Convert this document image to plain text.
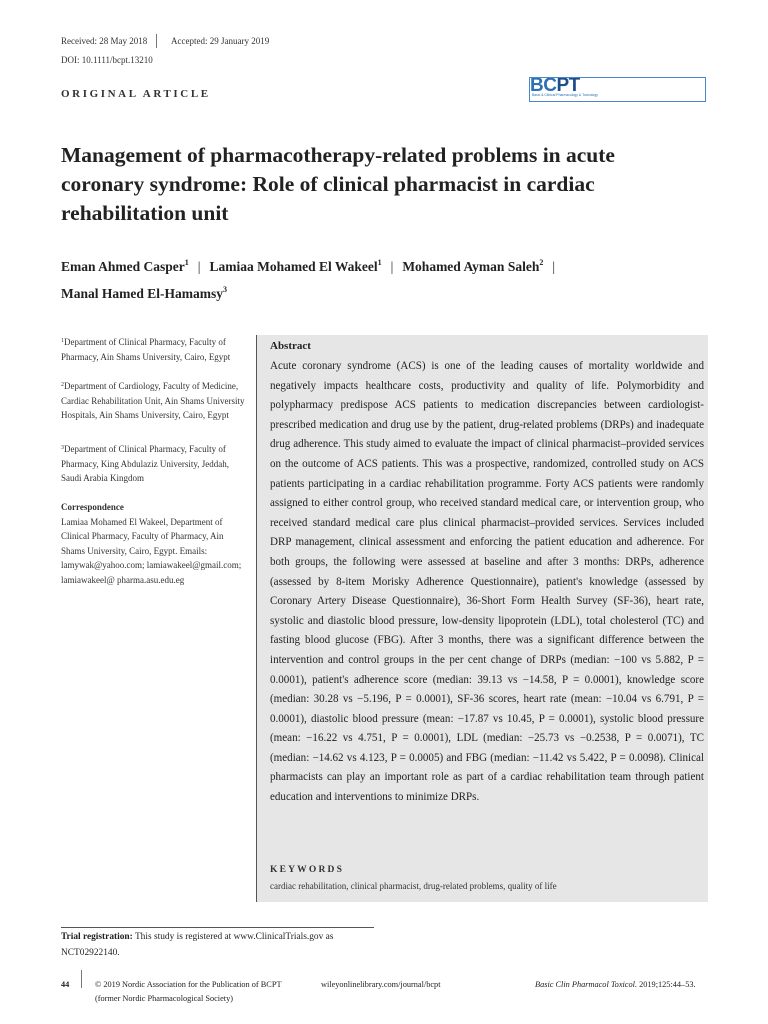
Received: 28 May 2018	Accepted: 29 January 2019
DOI: 10.1111/bcpt.13210
ORIGINAL ARTICLE	BCPT
Basic & Clinical Pharmacology & Toxicology
Management of pharmacotherapy-related problems in acute coronary syndrome: Role of clinical pharmacist in cardiac rehabilitation unit
Eman Ahmed Casper$^1$ | Lamiaa Mohamed El Wakeel$^1$ | Mohamed Ayman Saleh$^2$ |
Manal Hamed El-Hamamsy$^3$
$^1$Department of Clinical Pharmacy, Faculty of Pharmacy, Ain Shams University, Cairo, Egypt
$^2$Department of Cardiology, Faculty of Medicine, Cardiac Rehabilitation Unit, Ain Shams University Hospitals, Ain Shams University, Cairo, Egypt
$^3$Department of Clinical Pharmacy, Faculty of Pharmacy, King Abdulaziz University, Jeddah, Saudi Arabia Kingdom
Correspondence
Lamiaa Mohamed El Wakeel, Department of Clinical Pharmacy, Faculty of Pharmacy, Ain Shams University, Cairo, Egypt. Emails: lamywak@yahoo.com; lamiawakeel@gmail.com; lamiawakeel@ pharma.asu.edu.eg
Abstract
Acute coronary syndrome (ACS) is one of the leading causes of mortality worldwide and negatively impacts healthcare costs, productivity and quality of life. Polymorbidity and polypharmacy predispose ACS patients to medication discrepancies between cardiologist-prescribed medication and drug use by the patient, drug-related problems (DRPs) and inadequate drug adherence. This study aimed to evaluate the impact of clinical pharmacist–provided services on the outcome of ACS patients. This was a prospective, randomized, controlled study on ACS patients participating in a cardiac rehabilitation programme. Forty ACS patients were randomly assigned to either control group, who received standard medical care, or intervention group, who received standard medical care plus clinical pharmacist–provided services. Services included DRP management, clinical assessment and enforcing the patient education and adherence. For both groups, the following were assessed at baseline and after 3 months: DRPs, adherence (assessed by 8-item Morisky Adherence Questionnaire), patient's knowledge (assessed by Coronary Artery Disease Questionnaire), 36-Short Form Health Survey (SF-36), heart rate, systolic and diastolic blood pressure, low-density lipoprotein (LDL), total cholesterol (TC) and fasting blood glucose (FBG). After 3 months, there was a significant difference between the intervention and control groups in the per cent change of DRPs (median: −100 vs 5.882, P = 0.0001), patient's adherence score (median: 39.13 vs −14.58, P = 0.0001), knowledge score (median: 30.28 vs −5.196, P = 0.0001), SF-36 scores, heart rate (mean: −10.04 vs 6.791, P = 0.0001), diastolic blood pressure (mean: −17.87 vs 10.45, P = 0.0001), systolic blood pressure (mean: −16.22 vs 4.751, P = 0.0001), LDL (median: −25.73 vs −0.2538, P = 0.0071), TC (median: −14.62 vs 4.123, P = 0.0005) and FBG (median: −11.42 vs 5.422, P = 0.0098). Clinical pharmacists can play an important role as part of a cardiac rehabilitation team through patient education and interventions to minimize DRPs.
KEYWORDS
cardiac rehabilitation, clinical pharmacist, drug-related problems, quality of life
Trial registration: This study is registered at www.ClinicalTrials.gov as NCT02922140.
44	© 2019 Nordic Association for the Publication of BCPT
(former Nordic Pharmacological Society)
wileyonlinelibrary.com/journal/bcpt	Basic Clin Pharmacol Toxicol. 2019;125:44–53.
